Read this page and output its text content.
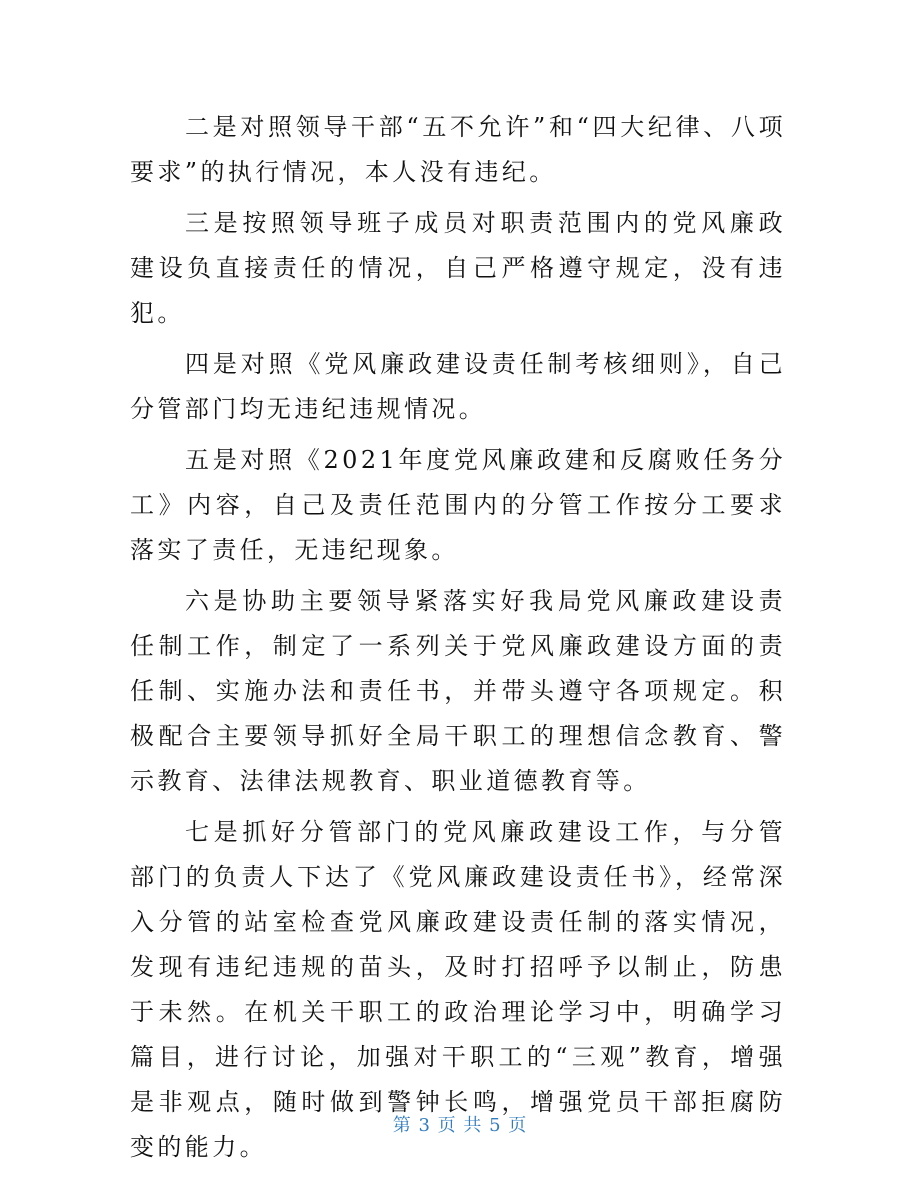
二是对照领导干部“五不允许”和“四大纪律、八项要求”的执行情况，本人没有违纪。

三是按照领导班子成员对职责范围内的党风廉政建设负直接责任的情况，自己严格遵守规定，没有违犯。

四是对照《党风廉政建设责任制考核细则》，自己分管部门均无违纪违规情况。

五是对照《2021年度党风廉政建和反腐败任务分工》内容，自己及责任范围内的分管工作按分工要求落实了责任，无违纪现象。

六是协助主要领导紧落实好我局党风廉政建设责任制工作，制定了一系列关于党风廉政建设方面的责任制、实施办法和责任书，并带头遵守各项规定。积极配合主要领导抓好全局干职工的理想信念教育、警示教育、法律法规教育、职业道德教育等。

七是抓好分管部门的党风廉政建设工作，与分管部门的负责人下达了《党风廉政建设责任书》，经常深入分管的站室检查党风廉政建设责任制的落实情况，发现有违纪违规的苗头，及时打招呼予以制止，防患于未然。在机关干职工的政治理论学习中，明确学习篇目，进行讨论，加强对干职工的“三观”教育，增强是非观点，随时做到警钟长鸣，增强党员干部拒腐防变的能力。

第 3 页 共 5 页
